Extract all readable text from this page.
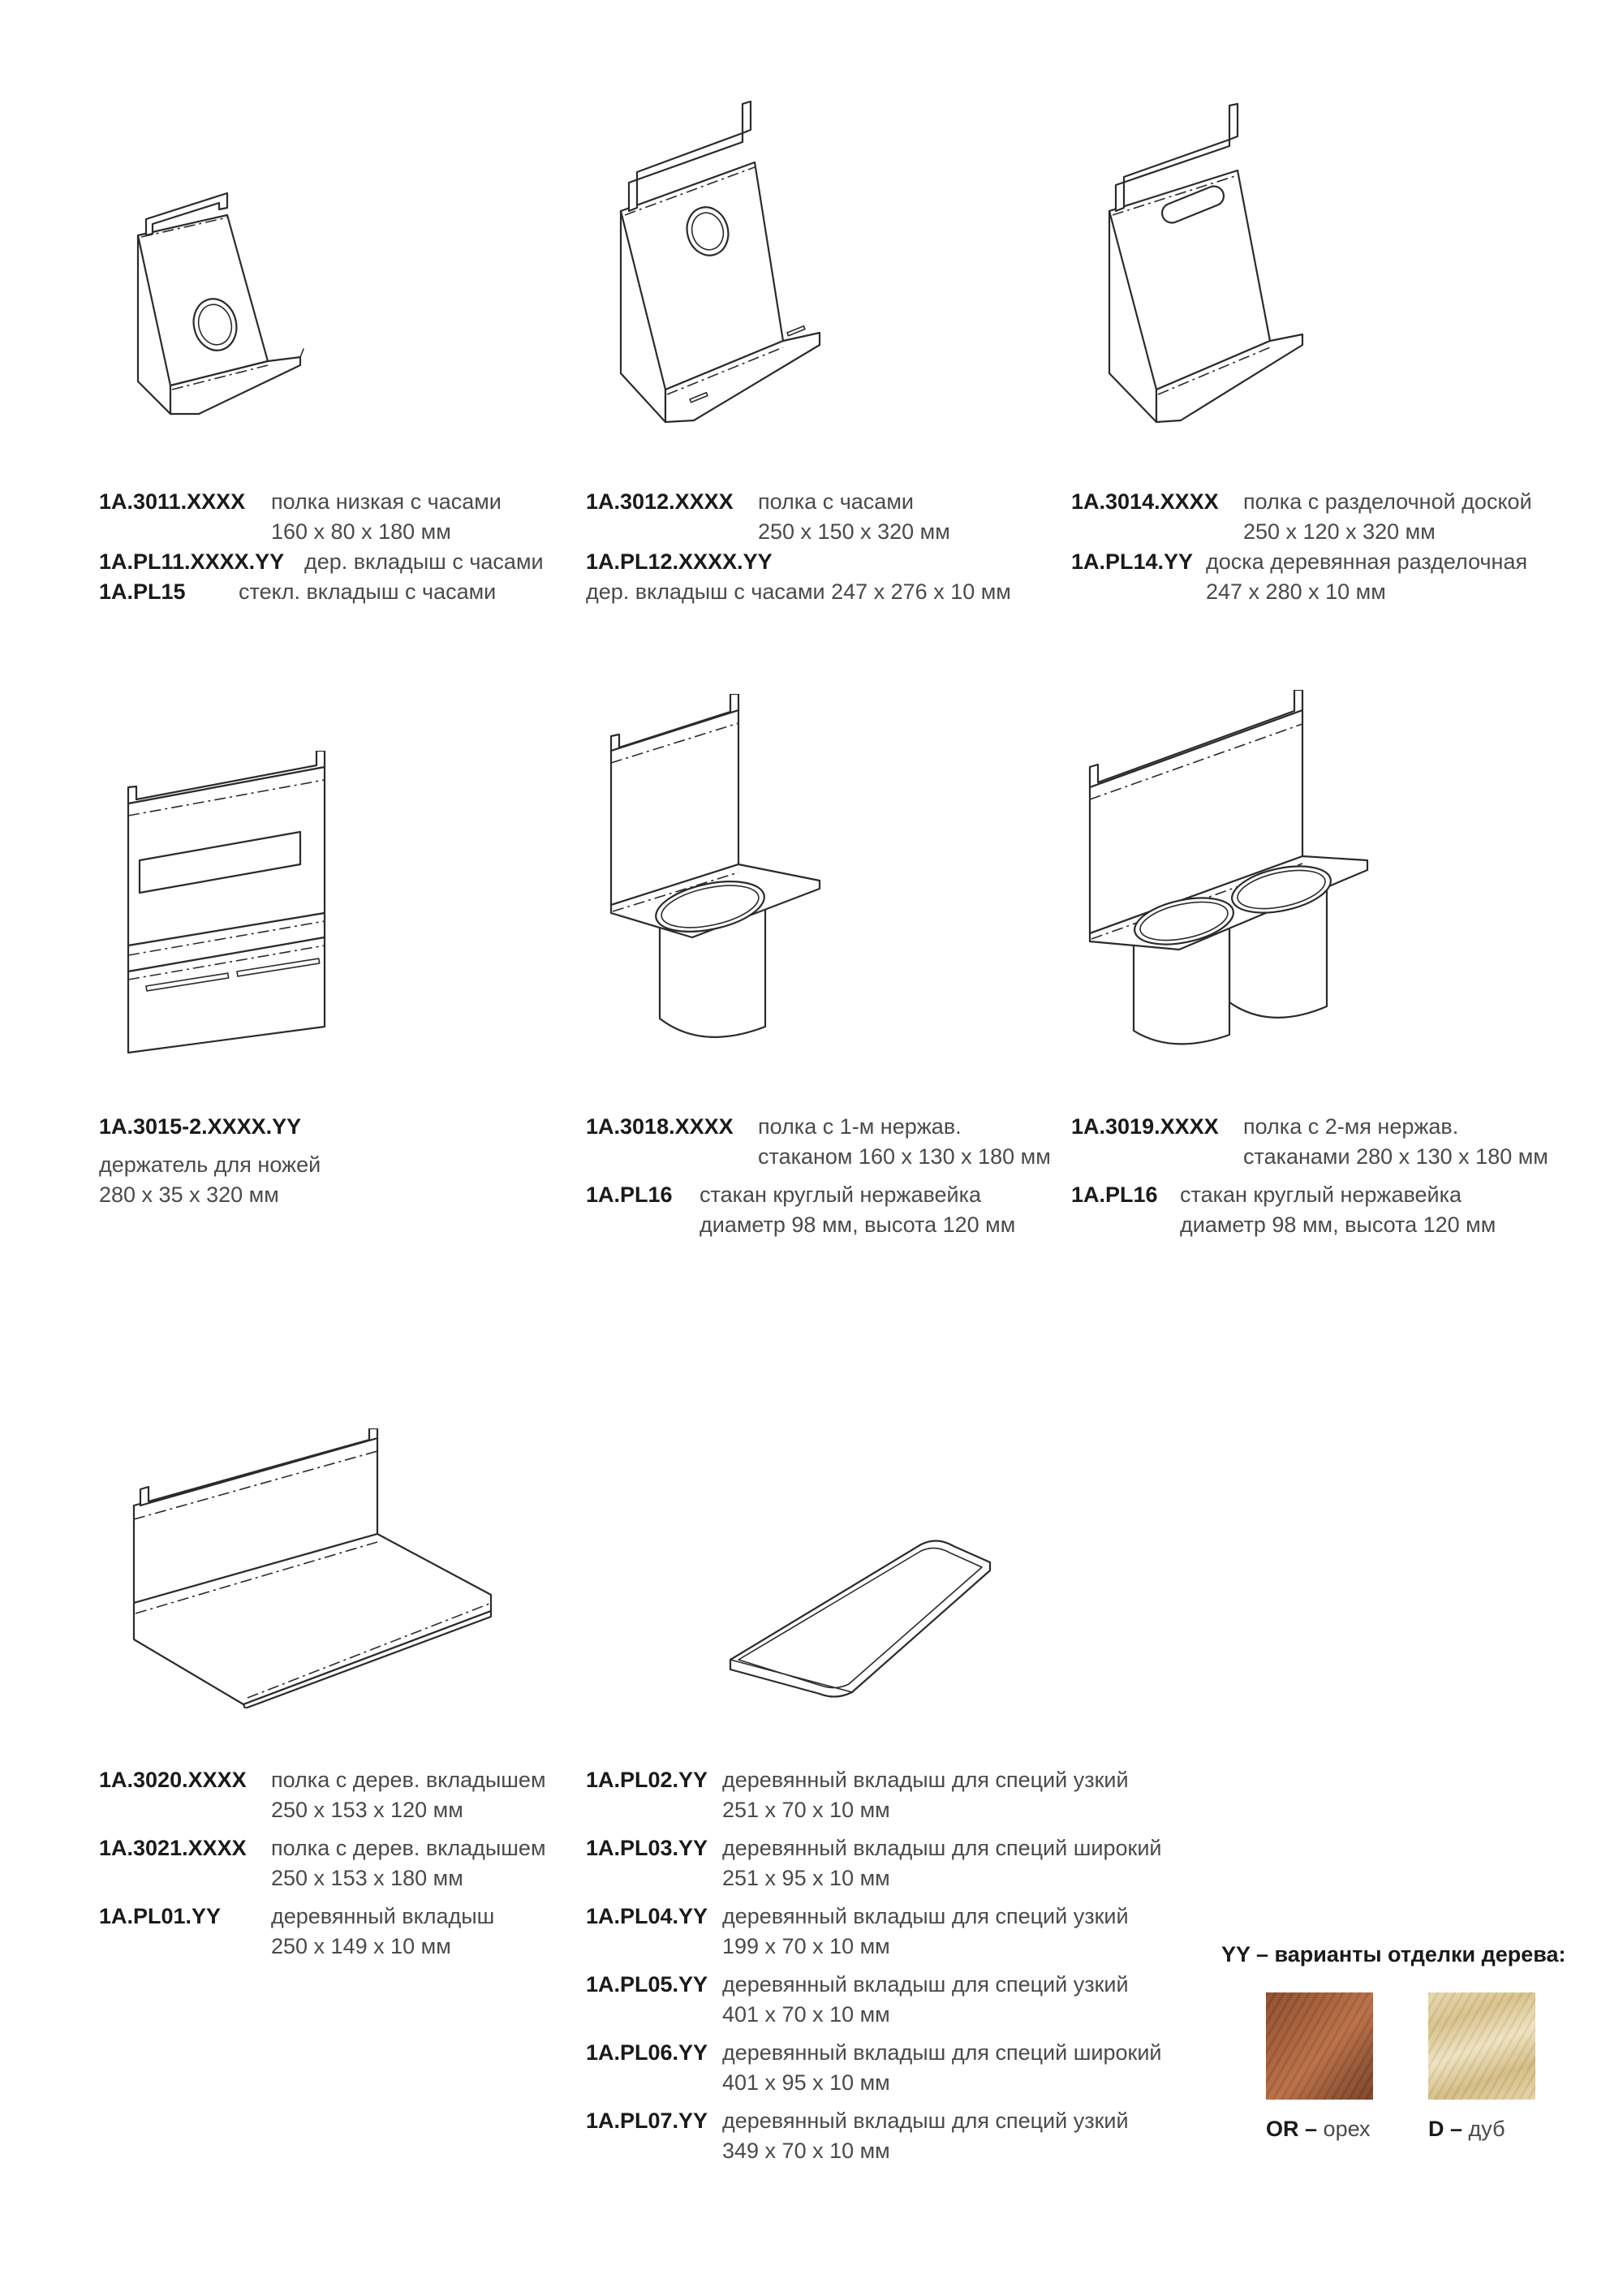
1A.3011.XXXX	полка низкая с часами
160 x 80 x 180 мм
1A.PL11.XXXX.YY дер. вкладыш с часами
1A.PL15	стекл. вкладыш с часами
1A.3012.XXXX	полка с часами
250 x 150 x 320 мм
1A.PL12.XXXX.YY
дер. вкладыш с часами 247 x 276 x 10 мм
1A.3014.XXXX	полка с разделочной доской
250 x 120 x 320 мм
1A.PL14.YY доска деревянная разделочная
247 x 280 x 10 мм
1A.3015-2.XXXX.YY
держатель для ножей
280 x 35 x 320 мм
1A.3018.XXXX	полка с 1-м нержав.
стаканом 160 x 130 x 180 мм
1A.PL16	стакан круглый нержавейка
диаметр 98 мм, высота 120 мм
1A.3019.XXXX	полка с 2-мя нержав.
стаканами 280 x 130 x 180 мм
1A.PL16	стакан круглый нержавейка
диаметр 98 мм, высота 120 мм
1A.3020.XXXX	полка с дерев. вкладышем
250 x 153 x 120 мм
1A.3021.XXXX	полка с дерев. вкладышем
250 x 153 x 180 мм
1A.PL01.YY	деревянный вкладыш
250 x 149 x 10 мм
1A.PL02.YY деревянный вкладыш для специй узкий
251 x 70 x 10 мм
1A.PL03.YY деревянный вкладыш для специй широкий
251 x 95 x 10 мм
1A.PL04.YY деревянный вкладыш для специй узкий
199 x 70 x 10 мм
1A.PL05.YY деревянный вкладыш для специй узкий
401 x 70 x 10 мм
1A.PL06.YY деревянный вкладыш для специй широкий
401 x 95 x 10 мм
1A.PL07.YY деревянный вкладыш для специй узкий
349 x 70 x 10 мм
YY – варианты отделки дерева:
OR – орех	D – дуб
